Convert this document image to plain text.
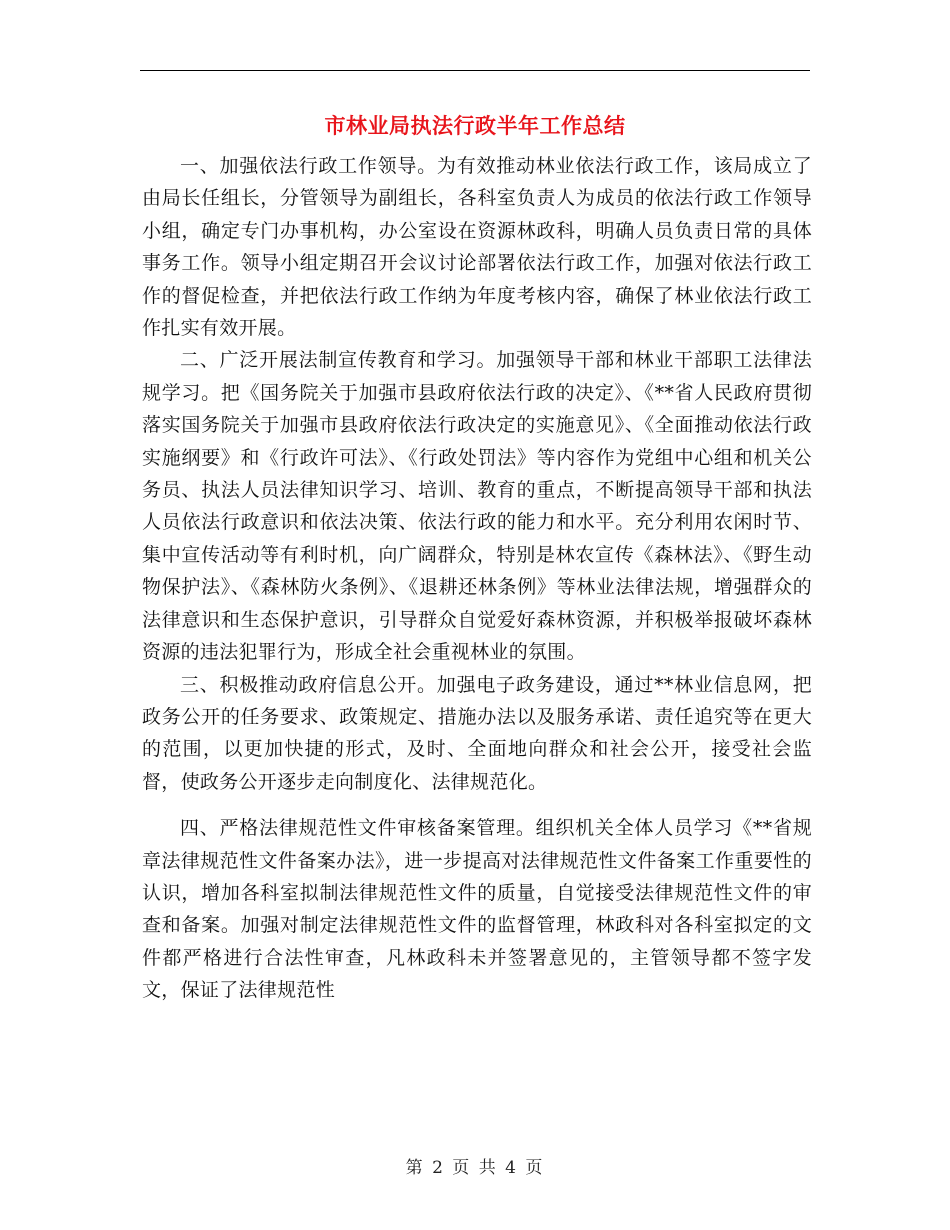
市林业局执法行政半年工作总结

一、加强依法行政工作领导。为有效推动林业依法行政工作，该局成立了由局长任组长，分管领导为副组长，各科室负责人为成员的依法行政工作领导小组，确定专门办事机构，办公室设在资源林政科，明确人员负责日常的具体事务工作。领导小组定期召开会议讨论部署依法行政工作，加强对依法行政工作的督促检查，并把依法行政工作纳为年度考核内容，确保了林业依法行政工作扎实有效开展。

二、广泛开展法制宣传教育和学习。加强领导干部和林业干部职工法律法规学习。把《国务院关于加强市县政府依法行政的决定》、《**省人民政府贯彻落实国务院关于加强市县政府依法行政决定的实施意见》、《全面推动依法行政实施纲要》和《行政许可法》、《行政处罚法》等内容作为党组中心组和机关公务员、执法人员法律知识学习、培训、教育的重点，不断提高领导干部和执法人员依法行政意识和依法决策、依法行政的能力和水平。充分利用农闲时节、集中宣传活动等有利时机，向广阔群众，特别是林农宣传《森林法》、《野生动物保护法》、《森林防火条例》、《退耕还林条例》等林业法律法规，增强群众的法律意识和生态保护意识，引导群众自觉爱好森林资源，并积极举报破坏森林资源的违法犯罪行为，形成全社会重视林业的氛围。

三、积极推动政府信息公开。加强电子政务建设，通过**林业信息网，把政务公开的任务要求、政策规定、措施办法以及服务承诺、责任追究等在更大的范围，以更加快捷的形式，及时、全面地向群众和社会公开，接受社会监督，使政务公开逐步走向制度化、法律规范化。

四、严格法律规范性文件审核备案管理。组织机关全体人员学习《**省规章法律规范性文件备案办法》，进一步提高对法律规范性文件备案工作重要性的认识，增加各科室拟制法律规范性文件的质量，自觉接受法律规范性文件的审查和备案。加强对制定法律规范性文件的监督管理，林政科对各科室拟定的文件都严格进行合法性审查，凡林政科未并签署意见的，主管领导都不签字发文，保证了法律规范性

第 2 页 共 4 页
